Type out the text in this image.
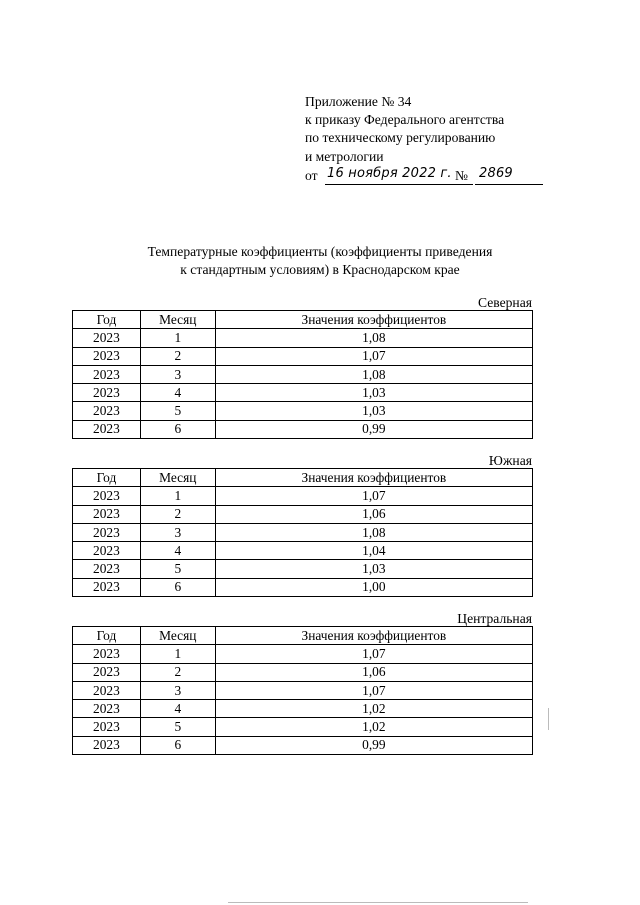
Приложение № 34
к приказу Федерального агентства
по техническому регулированию
и метрологии
от 16 ноября 2022 г. № 2869
Температурные коэффициенты (коэффициенты приведения
к стандартным условиям) в Краснодарском крае
Северная
Год	Месяц	Значения коэффициентов
2023	1	1,08
2023	2	1,07
2023	3	1,08
2023	4	1,03
2023	5	1,03
2023	6	0,99
Южная
Год	Месяц	Значения коэффициентов
2023	1	1,07
2023	2	1,06
2023	3	1,08
2023	4	1,04
2023	5	1,03
2023	6	1,00
Центральная
Год	Месяц	Значения коэффициентов
2023	1	1,07
2023	2	1,06
2023	3	1,07
2023	4	1,02
2023	5	1,02
2023	6	0,99
